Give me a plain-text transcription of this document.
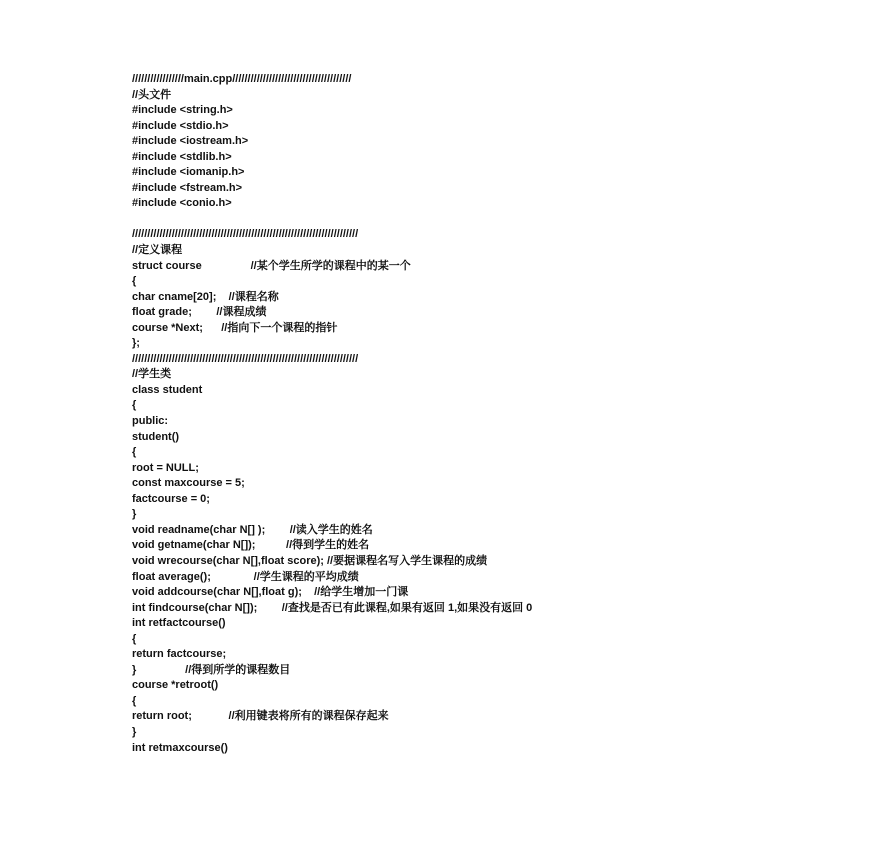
/////////////////main.cpp///////////////////////////////////////
//头文件
#include <string.h>
#include <stdio.h>
#include <iostream.h>
#include <stdlib.h>
#include <iomanip.h>
#include <fstream.h>
#include <conio.h>
//////////////////////////////////////////////////////////////////////////
//定义课程
struct course                //某个学生所学的课程中的某一个
{
char cname[20];    //课程名称
float grade;        //课程成绩
course *Next;      //指向下一个课程的指针
};
//////////////////////////////////////////////////////////////////////////
//学生类
class student
{
public:
student()
{
root = NULL;
const maxcourse = 5;
factcourse = 0;
}
void readname(char N[] );        //读入学生的姓名
void getname(char N[]);          //得到学生的姓名
void wrecourse(char N[],float score); //要据课程名写入学生课程的成绩
float average();              //学生课程的平均成绩
void addcourse(char N[],float g);    //给学生增加一门课
int findcourse(char N[]);        //查找是否已有此课程,如果有返回 1,如果没有返回 0
int retfactcourse()
{
return factcourse;
}                //得到所学的课程数目
course *retroot()
{
return root;            //利用键表将所有的课程保存起来
}
int retmaxcourse()
